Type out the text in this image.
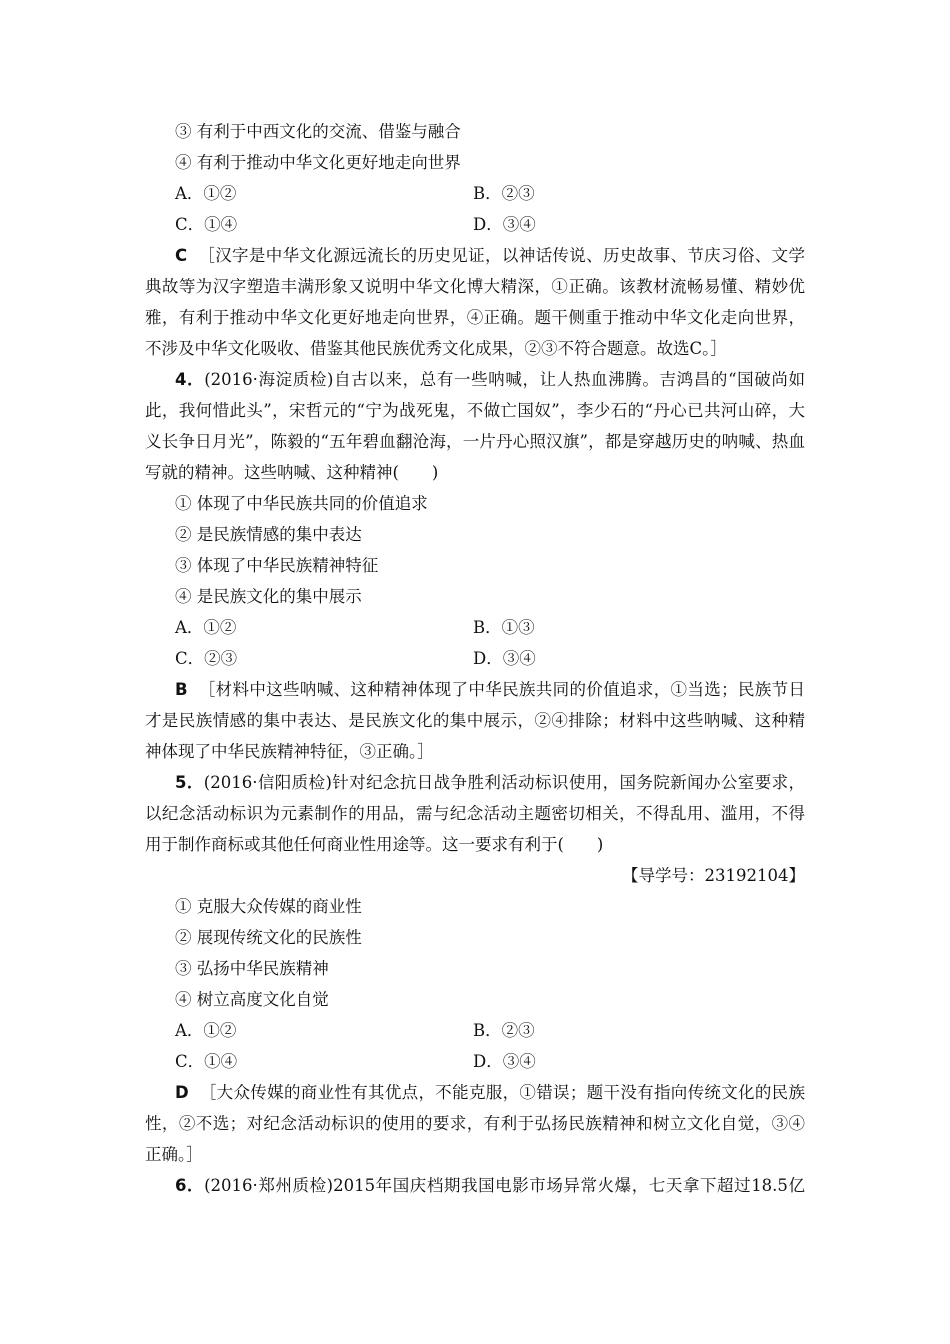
③ 有利于中西文化的交流、借鉴与融合
④ 有利于推动中华文化更好地走向世界
A．①②	B．②③
C．①④	D．③④
C ［汉字是中华文化源远流长的历史见证，以神话传说、历史故事、节庆习俗、文学
典故等为汉字塑造丰满形象又说明中华文化博大精深，①正确。该教材流畅易懂、精妙优
雅，有利于推动中华文化更好地走向世界，④正确。题干侧重于推动中华文化走向世界，
不涉及中华文化吸收、借鉴其他民族优秀文化成果，②③不符合题意。故选C。］
4．(2016·海淀质检)自古以来，总有一些呐喊，让人热血沸腾。吉鸿昌的“国破尚如
此，我何惜此头”，宋哲元的“宁为战死鬼，不做亡国奴”，李少石的“丹心已共河山碎，大
义长争日月光”，陈毅的“五年碧血翻沧海，一片丹心照汉旗”，都是穿越历史的呐喊、热血
写就的精神。这些呐喊、这种精神(　　)
① 体现了中华民族共同的价值追求
② 是民族情感的集中表达
③ 体现了中华民族精神特征
④ 是民族文化的集中展示
A．①②	B．①③
C．②③	D．③④
B ［材料中这些呐喊、这种精神体现了中华民族共同的价值追求，①当选；民族节日
才是民族情感的集中表达、是民族文化的集中展示，②④排除；材料中这些呐喊、这种精
神体现了中华民族精神特征，③正确。］
5．(2016·信阳质检)针对纪念抗日战争胜利活动标识使用，国务院新闻办公室要求，
以纪念活动标识为元素制作的用品，需与纪念活动主题密切相关，不得乱用、滥用，不得
用于制作商标或其他任何商业性用途等。这一要求有利于(　　)
【导学号：23192104】
① 克服大众传媒的商业性
② 展现传统文化的民族性
③ 弘扬中华民族精神
④ 树立高度文化自觉
A．①②	B．②③
C．①④	D．③④
D ［大众传媒的商业性有其优点，不能克服，①错误；题干没有指向传统文化的民族
性，②不选；对纪念活动标识的使用的要求，有利于弘扬民族精神和树立文化自觉，③④
正确。］
6．(2016·郑州质检)2015年国庆档期我国电影市场异常火爆，七天拿下超过18.5亿
